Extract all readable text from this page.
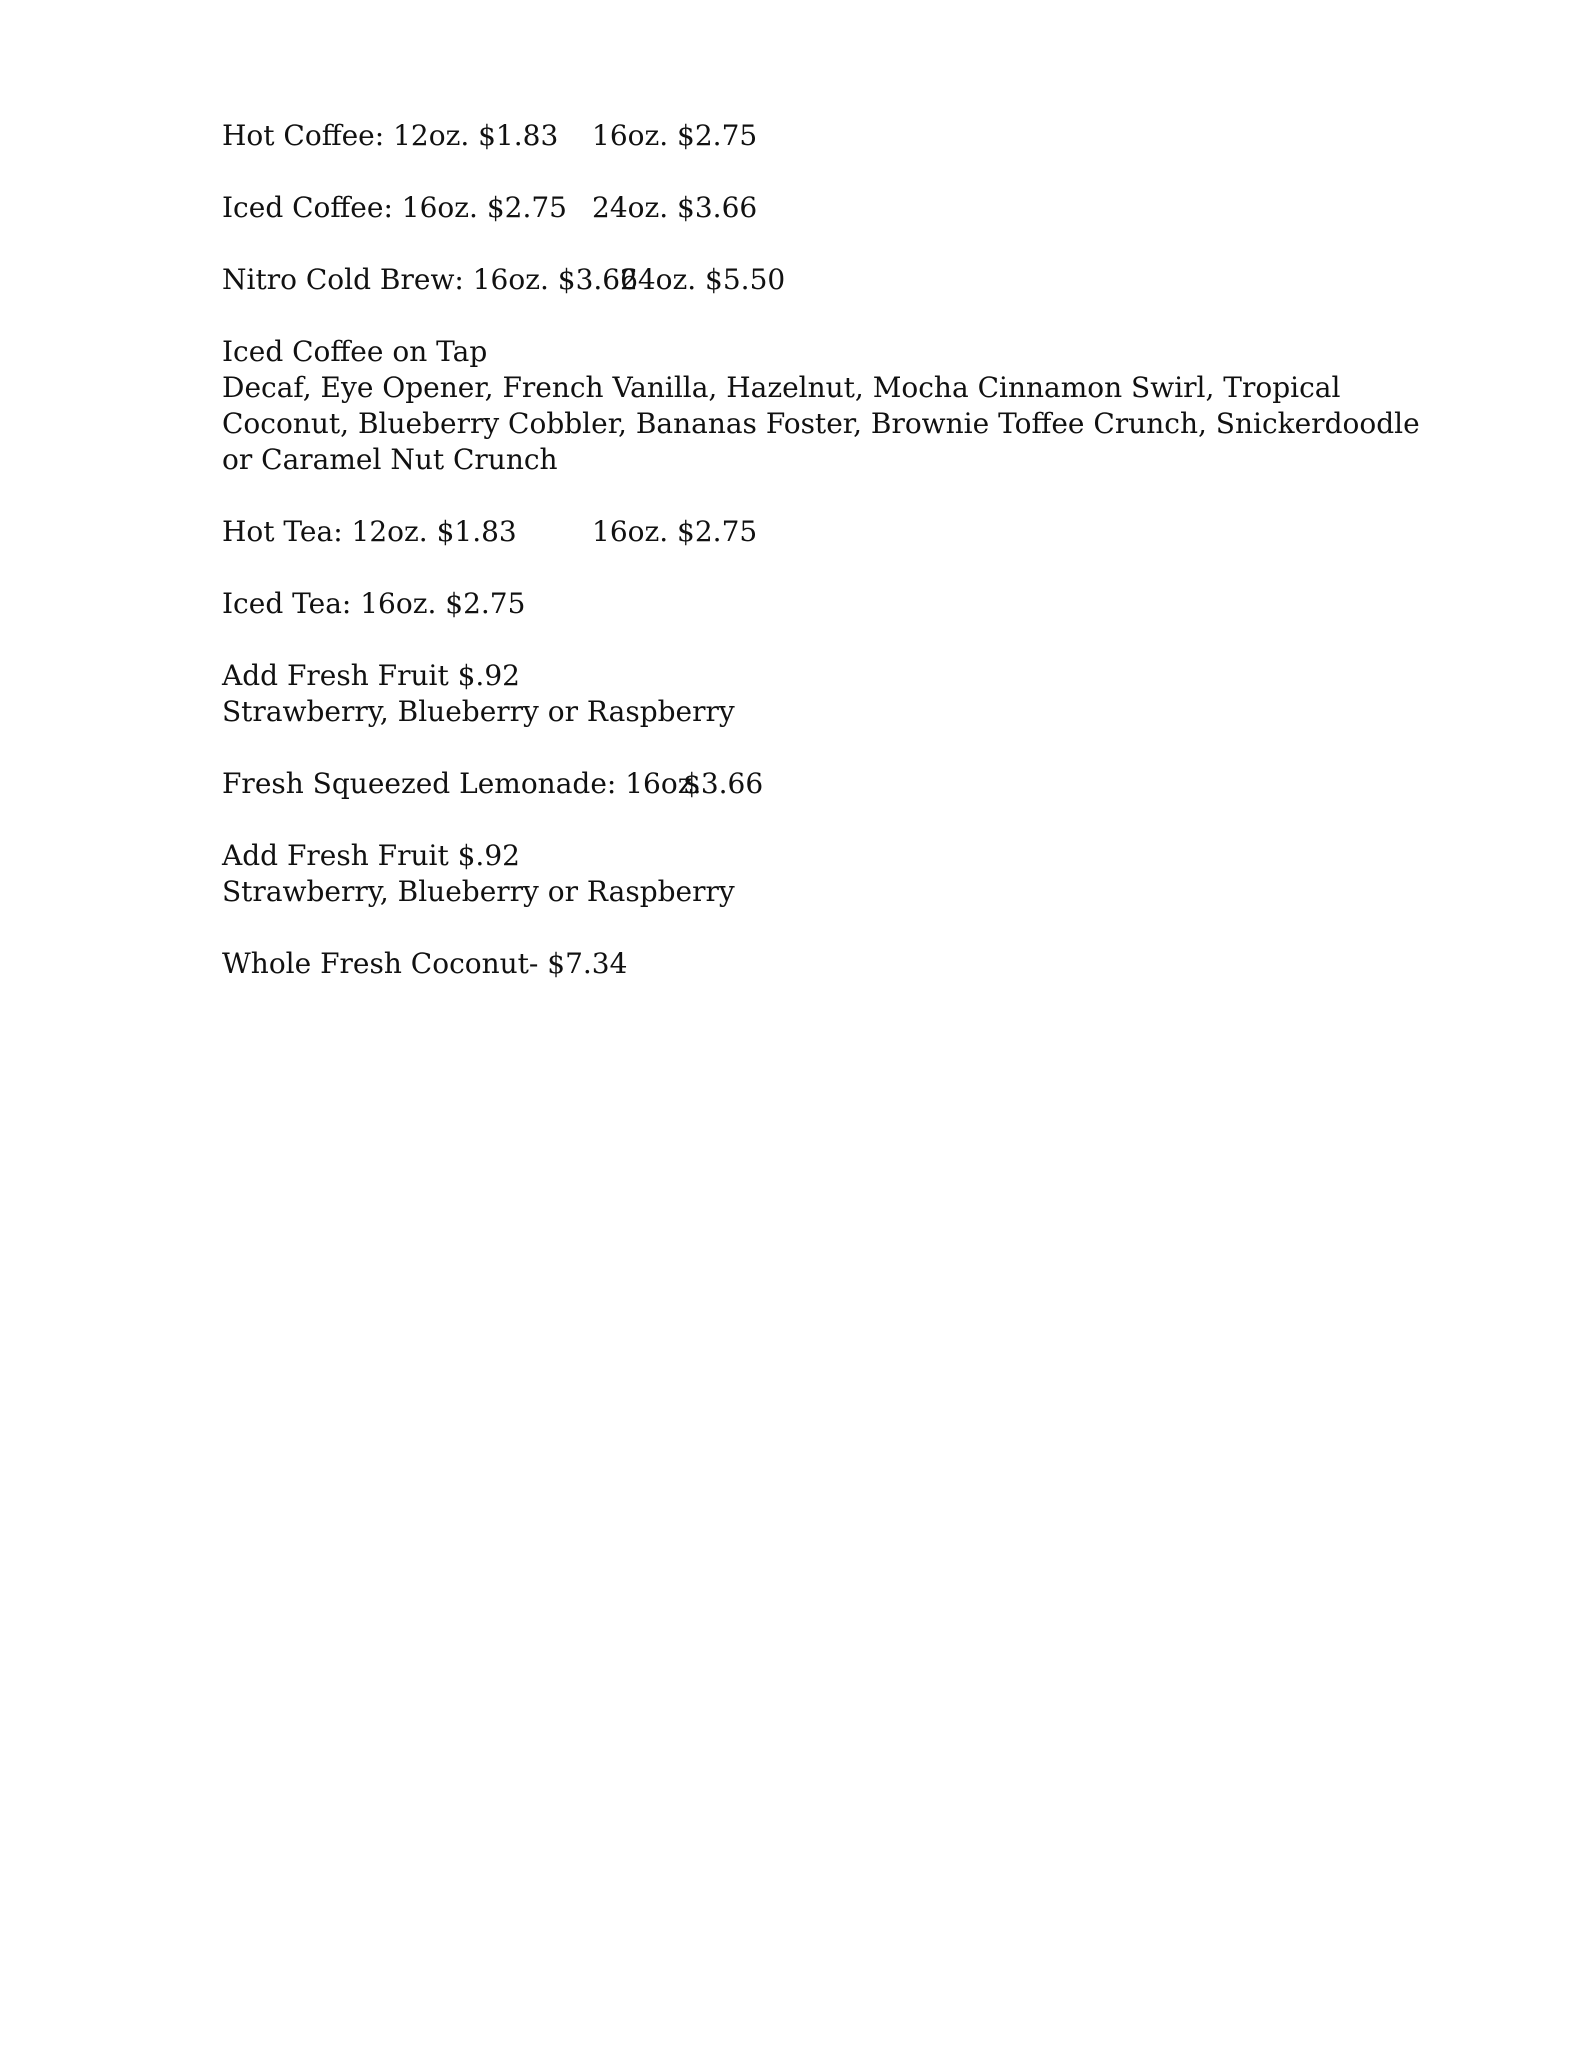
Hot Coffee: 12oz. $1.83 16oz. $2.75
Iced Coffee: 16oz. $2.75 24oz. $3.66
Nitro Cold Brew: 16oz. $3.66
24oz. $5.50
Iced Coffee on Tap
Decaf, Eye Opener, French Vanilla, Hazelnut, Mocha Cinnamon Swirl, Tropical Coconut, Blueberry Cobbler, Bananas Foster, Brownie Toffee Crunch, Snickerdoodle or Caramel Nut Crunch
Hot Tea: 12oz. $1.83	16oz. $2.75
Iced Tea: 16oz. $2.75
Add Fresh Fruit $.92
Strawberry, Blueberry or Raspberry
Fresh Squeezed Lemonade: 16oz.
$3.66
Add Fresh Fruit $.92
Strawberry, Blueberry or Raspberry
Whole Fresh Coconut- $7.34
